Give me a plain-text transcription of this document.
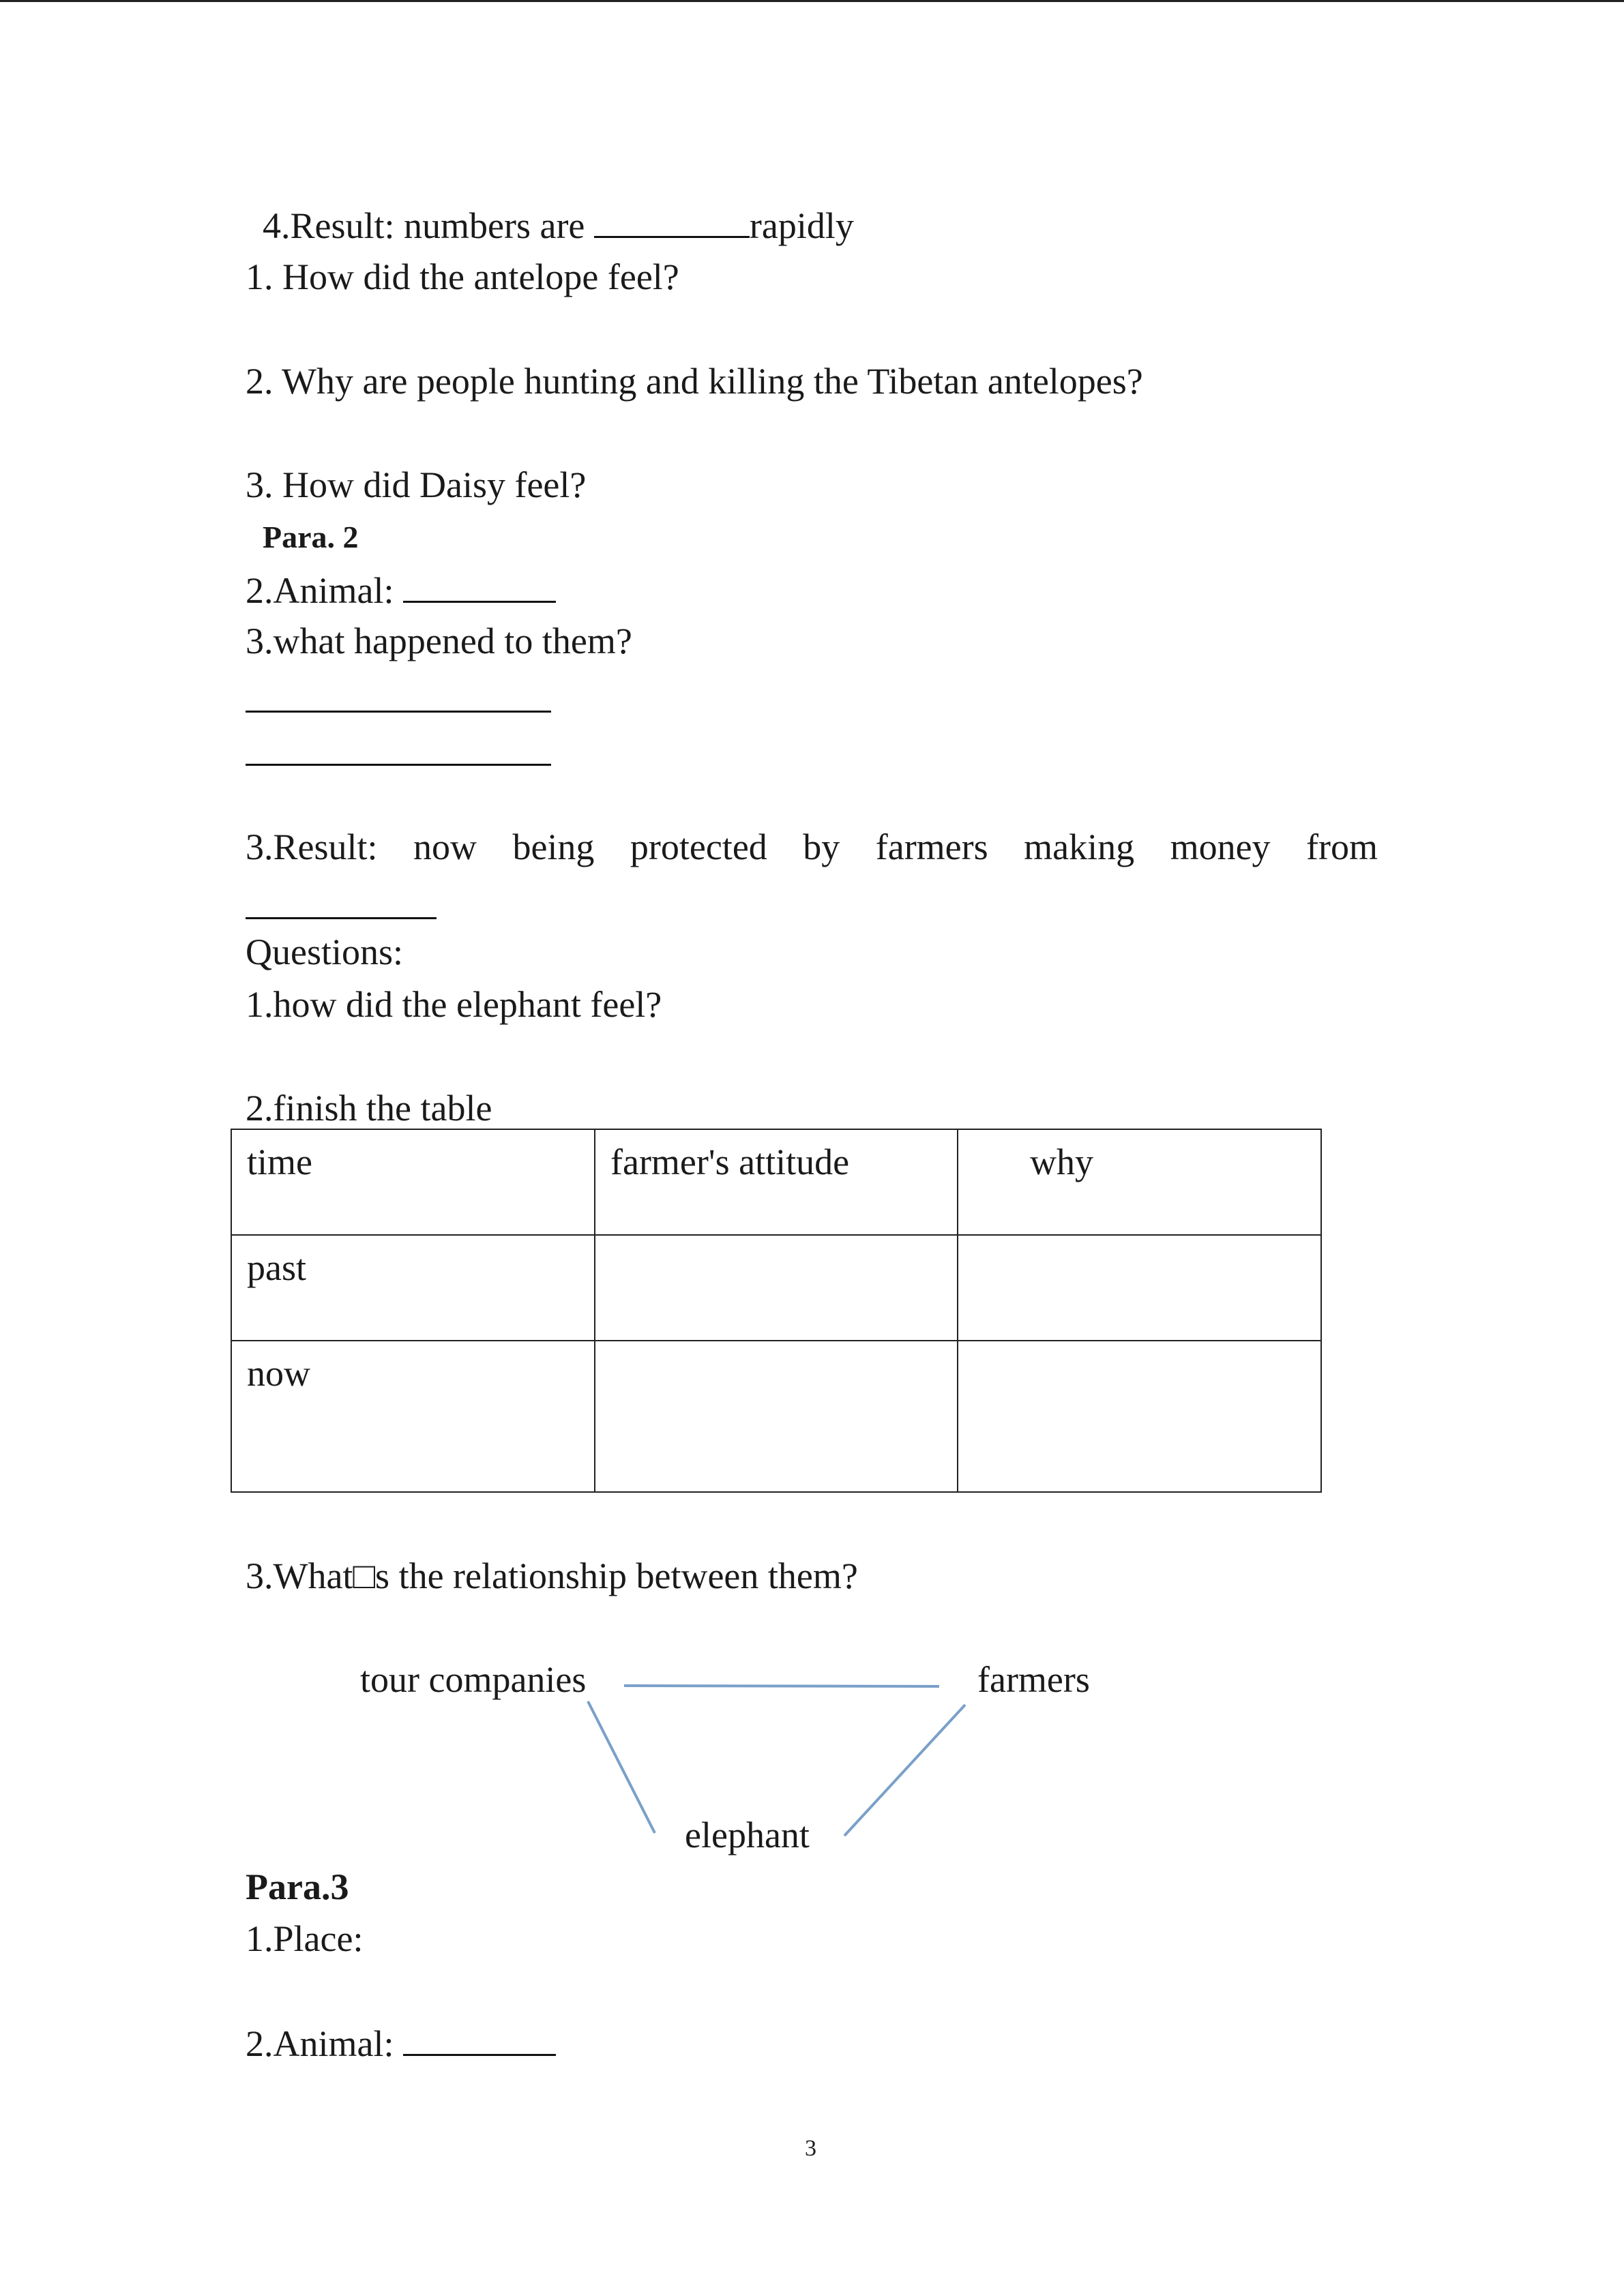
4.Result: numbers are	rapidly
1. How did the antelope feel?
2. Why are people hunting and killing the Tibetan antelopes?
3. How did Daisy feel?
Para. 2
2.Animal:
3.what happened to them?
3.Result: now being protected by farmers making money from
Questions:
1.how did the elephant feel?
2.finish the table
time	farmer's attitude	why
past		
now		
3.What□s the relationship between them?
tour companies	farmers
elephant
Para.3
1.Place:
2.Animal:
3
